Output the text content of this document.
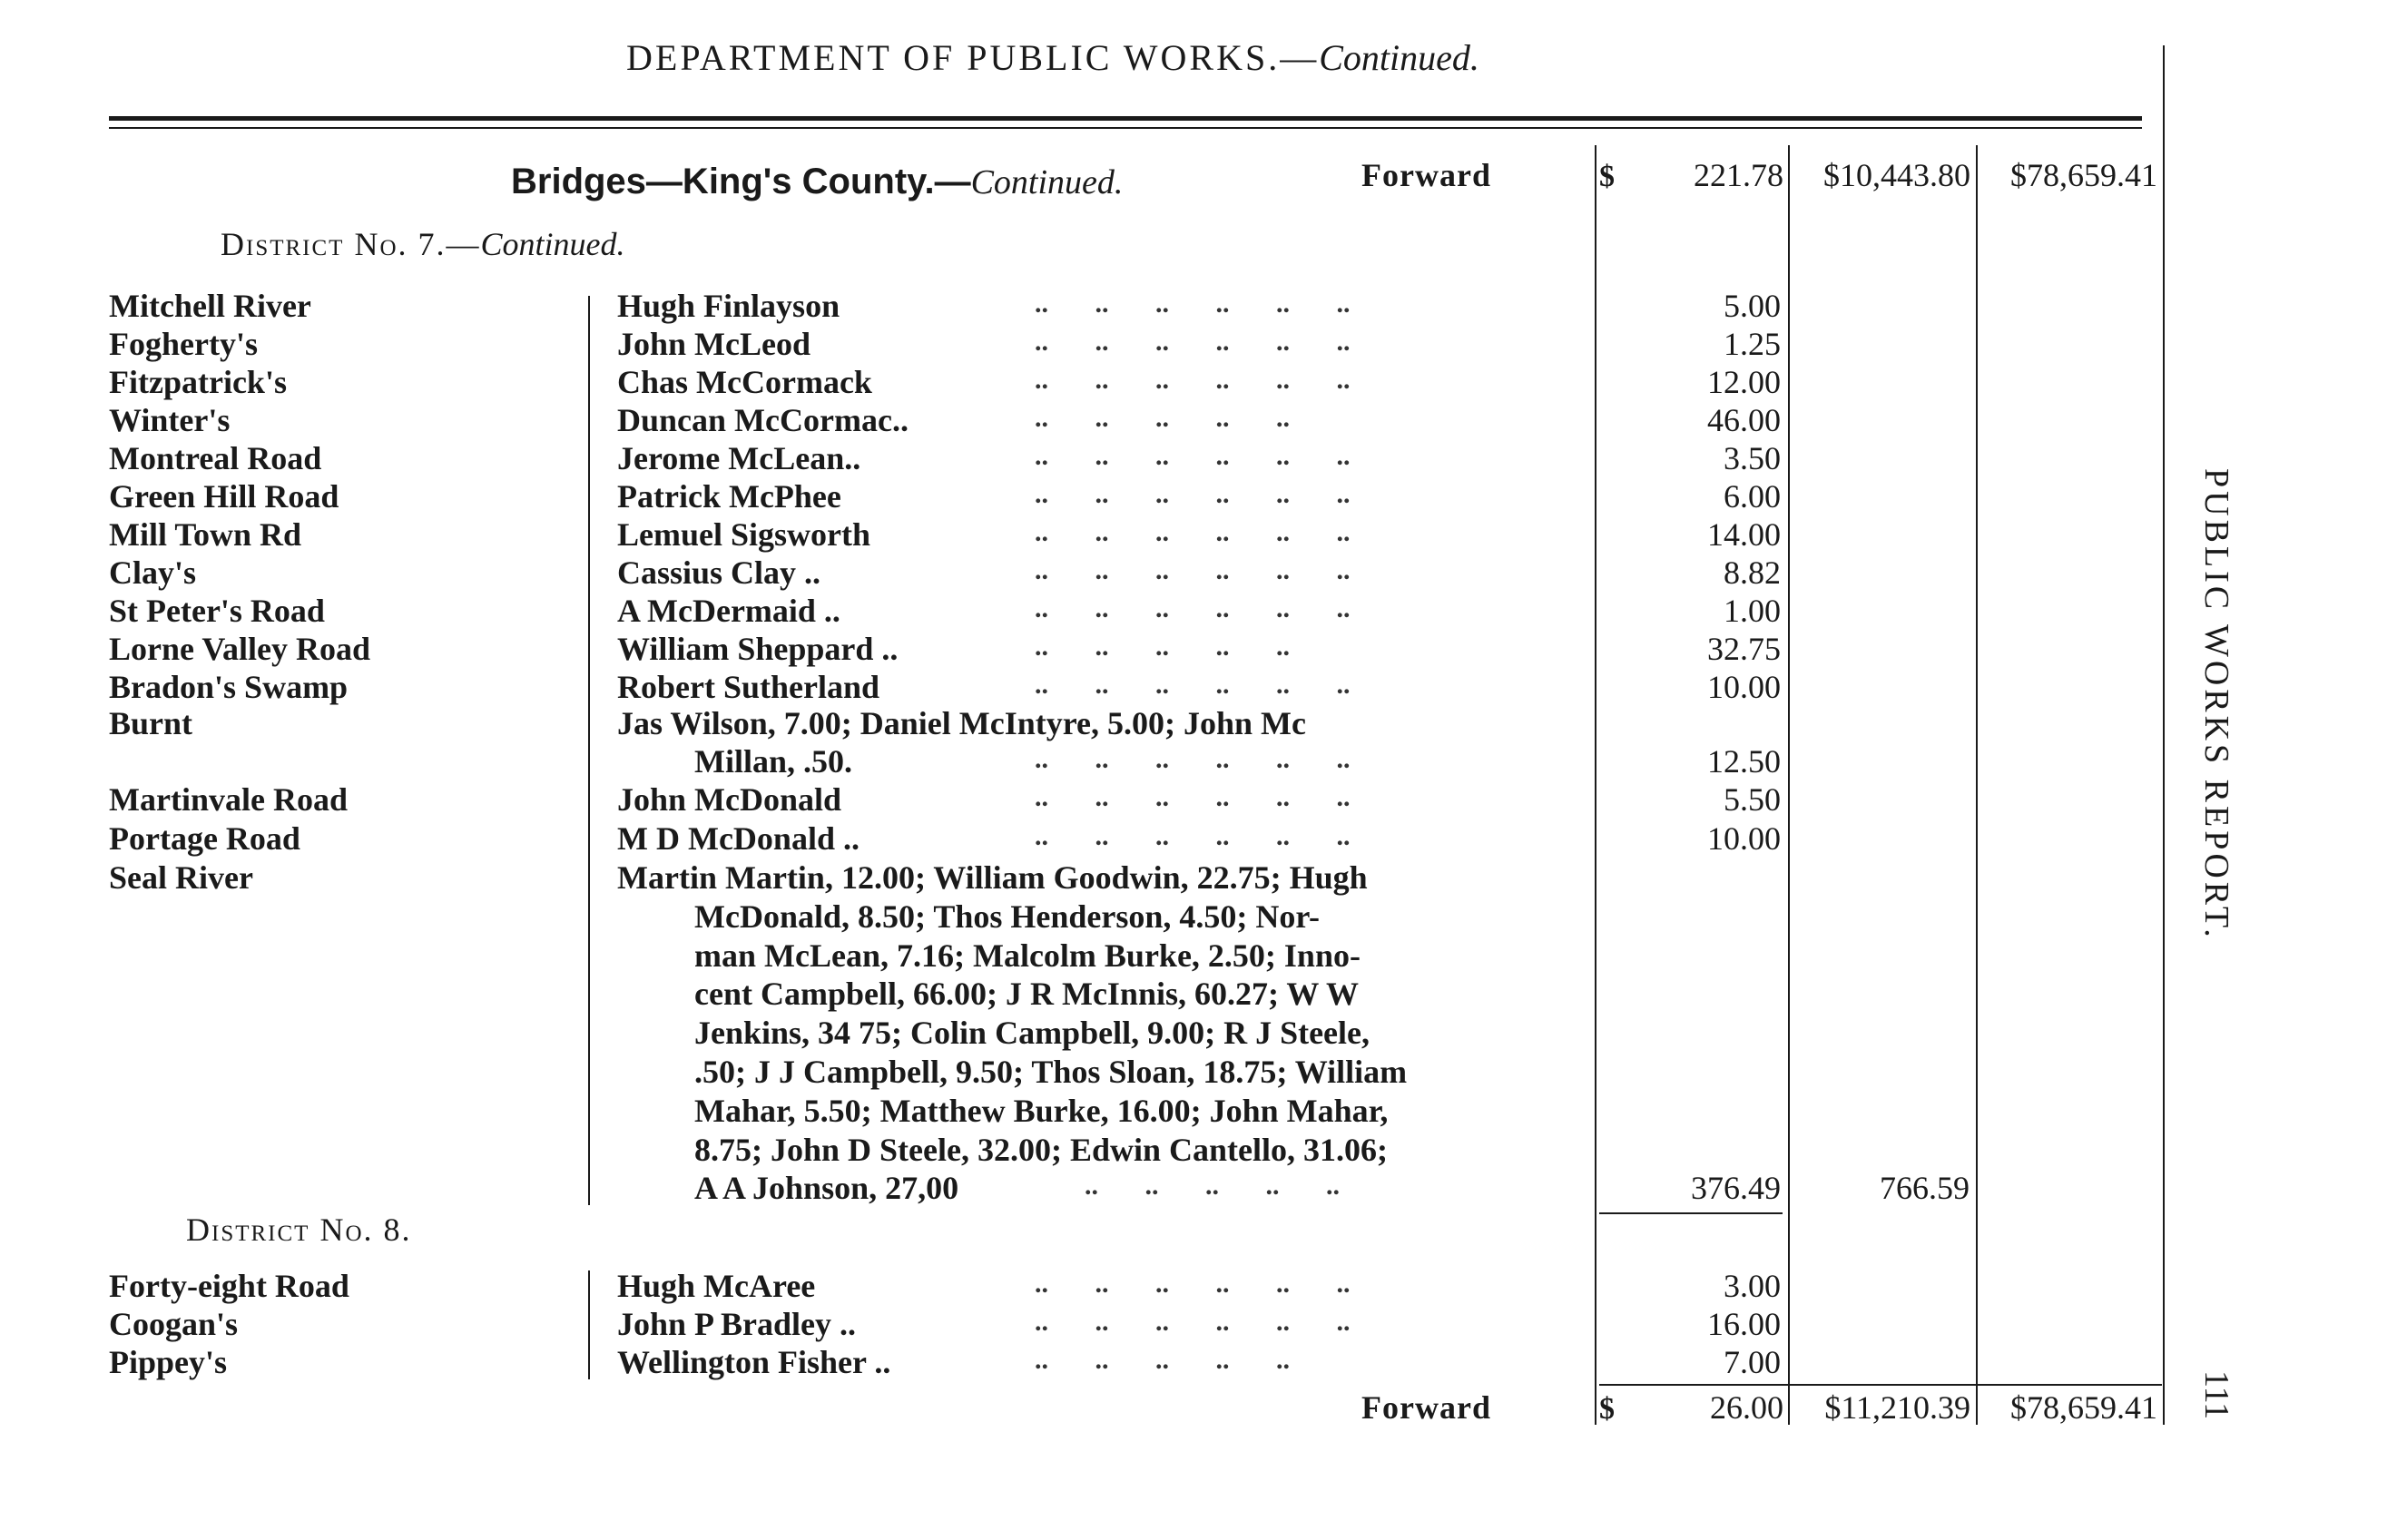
DEPARTMENT OF PUBLIC WORKS.—Continued.
Bridges—King's County.—Continued.	Forward	$	221.78	$10,443.80	$78,659.41
District No. 7.—Continued.
Mitchell River	Hugh Finlayson	.. .. .. .. .. ..	5.00
Fogherty's	John McLeod	.. .. .. .. .. ..	1.25
Fitzpatrick's	Chas McCormack	.. .. .. .. .. ..	12.00
Winter's	Duncan McCormac..	.. .. .. .. ..	46.00
Montreal Road	Jerome McLean..	.. .. .. .. .. ..	3.50
Green Hill Road	Patrick McPhee	.. .. .. .. .. ..	6.00
Mill Town Rd	Lemuel Sigsworth	.. .. .. .. .. ..	14.00
Clay's	Cassius Clay ..	.. .. .. .. .. ..	8.82
St Peter's Road	A McDermaid ..	.. .. .. .. .. ..	1.00
Lorne Valley Road	William Sheppard ..	.. .. .. .. ..	32.75
Bradon's Swamp	Robert Sutherland	.. .. .. .. .. ..	10.00
Burnt	Jas Wilson, 7.00; Daniel McIntyre, 5.00; John Mc
Millan, .50.	.. .. .. .. .. ..	12.50
Martinvale Road	John McDonald	.. .. .. .. .. ..	5.50
Portage Road	M D McDonald ..	.. .. .. .. .. ..	10.00
Seal River	Martin Martin, 12.00; William Goodwin, 22.75; Hugh
McDonald, 8.50; Thos Henderson, 4.50; Nor-
man McLean, 7.16; Malcolm Burke, 2.50; Inno-
cent Campbell, 66.00; J R McInnis, 60.27; W W
Jenkins, 34 75; Colin Campbell, 9.00; R J Steele,
.50; J J Campbell, 9.50; Thos Sloan, 18.75; William
Mahar, 5.50; Matthew Burke, 16.00; John Mahar,
8.75; John D Steele, 32.00; Edwin Cantello, 31.06;
A A Johnson, 27,00	.. .. .. .. ..	376.49	766.59
District No. 8.
Forty-eight Road	Hugh McAree	.. .. .. .. .. ..	3.00
Coogan's	John P Bradley ..	.. .. .. .. .. ..	16.00
Pippey's	Wellington Fisher ..	.. .. .. .. ..	7.00
Forward	$	26.00	$11,210.39	$78,659.41
PUBLIC WORKS REPORT.
111
